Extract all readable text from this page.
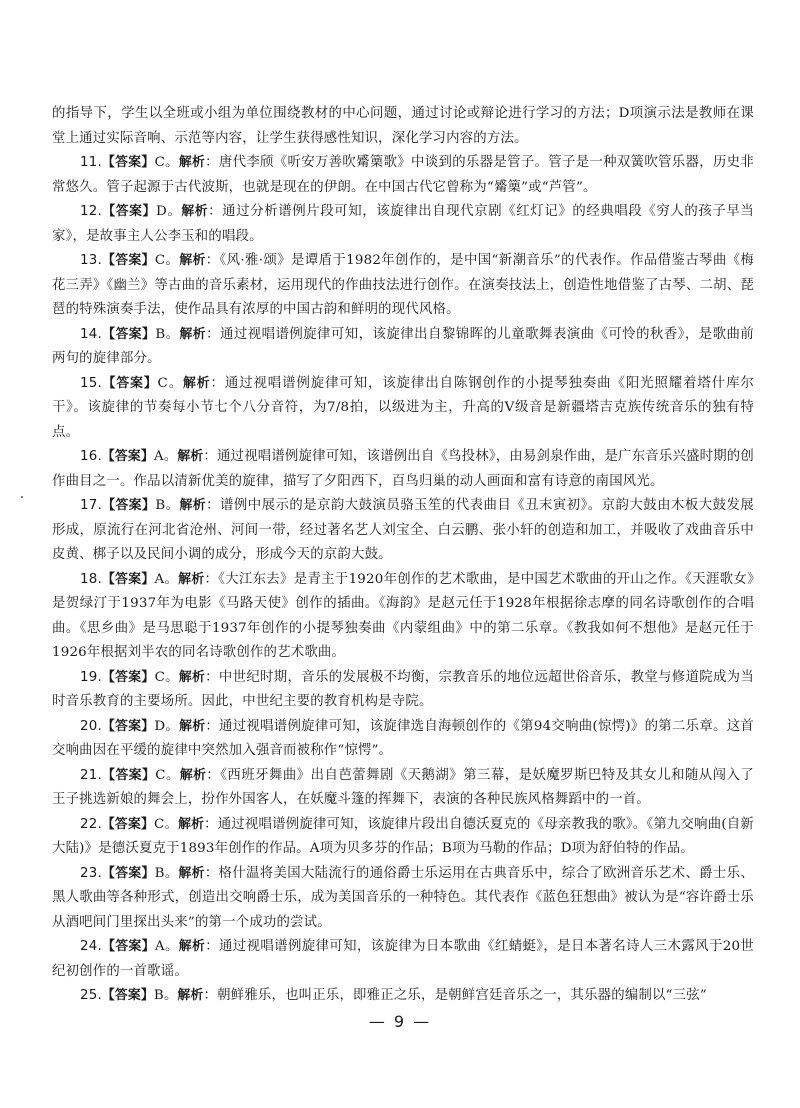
的指导下，学生以全班或小组为单位围绕教材的中心问题，通过讨论或辩论进行学习的方法；D项演示法是教师在课堂上通过实际音响、示范等内容，让学生获得感性知识，深化学习内容的方法。

11.【答案】C。解析：唐代李颀《听安万善吹觱篥歌》中谈到的乐器是管子。管子是一种双簧吹管乐器，历史非常悠久。管子起源于古代波斯，也就是现在的伊朗。在中国古代它曾称为“觱篥”或“芦管”。

12.【答案】D。解析：通过分析谱例片段可知，该旋律出自现代京剧《红灯记》的经典唱段《穷人的孩子早当家》，是故事主人公李玉和的唱段。

13.【答案】C。解析：《风·雅·颂》是谭盾于1982年创作的，是中国“新潮音乐”的代表作。作品借鉴古琴曲《梅花三弄》《幽兰》等古曲的音乐素材，运用现代的作曲技法进行创作。在演奏技法上，创造性地借鉴了古琴、二胡、琵琶的特殊演奏手法，使作品具有浓厚的中国古韵和鲜明的现代风格。

14.【答案】B。解析：通过视唱谱例旋律可知，该旋律出自黎锦晖的儿童歌舞表演曲《可怜的秋香》，是歌曲前两句的旋律部分。

15.【答案】C。解析：通过视唱谱例旋律可知，该旋律出自陈钢创作的小提琴独奏曲《阳光照耀着塔什库尔干》。该旋律的节奏每小节七个八分音符，为7/8拍，以级进为主，升高的Ⅴ级音是新疆塔吉克族传统音乐的独有特点。

16.【答案】A。解析：通过视唱谱例旋律可知，该谱例出自《鸟投林》，由易剑泉作曲，是广东音乐兴盛时期的创作曲目之一。作品以清新优美的旋律，描写了夕阳西下，百鸟归巢的动人画面和富有诗意的南国风光。

17.【答案】B。解析：谱例中展示的是京韵大鼓演员骆玉笙的代表曲目《丑末寅初》。京韵大鼓由木板大鼓发展形成，原流行在河北省沧州、河间一带，经过著名艺人刘宝全、白云鹏、张小轩的创造和加工，并吸收了戏曲音乐中皮黄、梆子以及民间小调的成分，形成今天的京韵大鼓。

18.【答案】A。解析：《大江东去》是青主于1920年创作的艺术歌曲，是中国艺术歌曲的开山之作。《天涯歌女》是贺绿汀于1937年为电影《马路天使》创作的插曲。《海韵》是赵元任于1928年根据徐志摩的同名诗歌创作的合唱曲。《思乡曲》是马思聪于1937年创作的小提琴独奏曲《内蒙组曲》中的第二乐章。《教我如何不想他》是赵元任于1926年根据刘半农的同名诗歌创作的艺术歌曲。

19.【答案】C。解析：中世纪时期，音乐的发展极不均衡，宗教音乐的地位远超世俗音乐，教堂与修道院成为当时音乐教育的主要场所。因此，中世纪主要的教育机构是寺院。

20.【答案】D。解析：通过视唱谱例旋律可知，该旋律选自海顿创作的《第94交响曲(惊愕)》的第二乐章。这首交响曲因在平缓的旋律中突然加入强音而被称作“惊愕”。

21.【答案】C。解析：《西班牙舞曲》出自芭蕾舞剧《天鹅湖》第三幕，是妖魔罗斯巴特及其女儿和随从闯入了王子挑选新娘的舞会上，扮作外国客人，在妖魔斗篷的挥舞下，表演的各种民族风格舞蹈中的一首。

22.【答案】C。解析：通过视唱谱例旋律可知，该旋律片段出自德沃夏克的《母亲教我的歌》。《第九交响曲(自新大陆)》是德沃夏克于1893年创作的作品。A项为贝多芬的作品；B项为马勒的作品；D项为舒伯特的作品。

23.【答案】B。解析：格什温将美国大陆流行的通俗爵士乐运用在古典音乐中，综合了欧洲音乐艺术、爵士乐、黑人歌曲等各种形式，创造出交响爵士乐，成为美国音乐的一种特色。其代表作《蓝色狂想曲》被认为是“容许爵士乐从酒吧间门里探出头来”的第一个成功的尝试。

24.【答案】A。解析：通过视唱谱例旋律可知，该旋律为日本歌曲《红蜻蜓》，是日本著名诗人三木露风于20世纪初创作的一首歌谣。

25.【答案】B。解析：朝鲜雅乐，也叫正乐，即雅正之乐，是朝鲜宫廷音乐之一，其乐器的编制以“三弦”

— 9 —
